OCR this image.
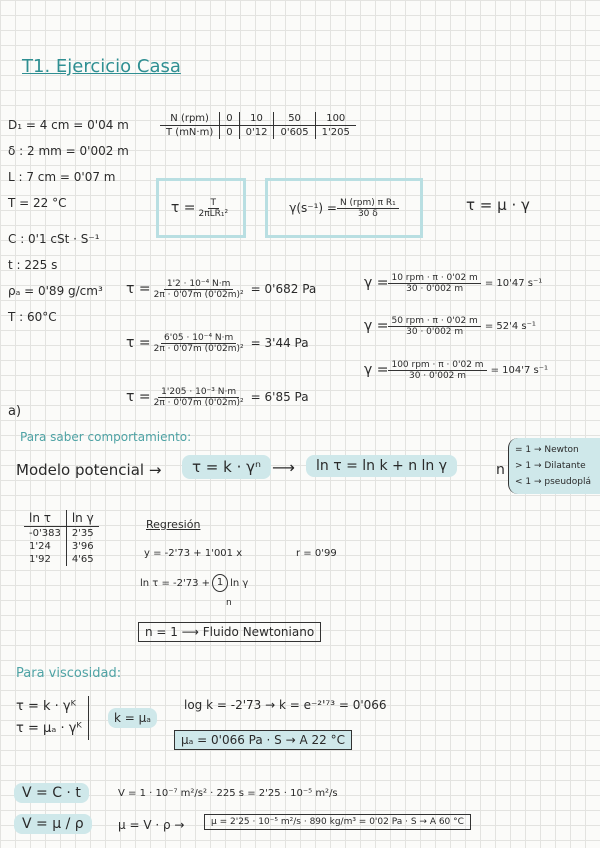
T1. Ejercicio Casa
D₁ = 4 cm = 0'04 m
δ : 2 mm = 0'002 m
L : 7 cm = 0'07 m
T = 22 °C
C : 0'1 cSt · S⁻¹
t : 225 s
ρₐ = 0'89 g/cm³
T : 60°C
N (rpm)	0	10	50	100
T (mN·m)	0	0'12	0'605	1'205
$\tau = \frac{T}{\text{2πLR₁²}}$	$\gamma(s^{-1}) = \frac{\text{N (rpm) π R₁}}{30 \delta}$	τ = μ · γ
$\tau = \frac{\text{1'2 · 10⁻⁴ N·m}}{\text{2π · 0'07m (0'02m)²}} = 0'682$ Pa
$\tau = \frac{\text{6'05 · 10⁻⁴ N·m}}{\text{2π · 0'07m (0'02m)²}} = 3'44$ Pa
$\tau = \frac{\text{1'205 · 10⁻³ N·m}}{\text{2π · 0'07m (0'02m)²}} = 6'85$ Pa
$\gamma = \frac{\text{10 rpm · π · 0'02 m}}{30 \cdot 0'002 m} = 10'47$ s⁻¹
$\gamma = \frac{\text{50 rpm · π · 0'02 m}}{30 \cdot 0'002 m} = 52'4$ s⁻¹
$\gamma = \frac{\text{100 rpm · π · 0'02 m}}{30 \cdot 0'002 m} = 104'7$ s⁻¹
a)
Para saber comportamiento:
Modelo potencial →	τ = k · γⁿ ⟶	ln τ = ln k + n ln γ	n
= 1 → Newton
> 1 → Dilatante
< 1 → pseudoplá
ln τ	ln γ
-0'383	2'35
1'24	3'96
1'92	4'65
Regresión
y = -2'73 + 1'001 x	r = 0'99
ln τ = -2'73 + 1 ln γ
n
n = 1 ⟶ Fluido Newtoniano
Para viscosidad:
τ = k · γᴷ
τ = μₐ · γᴷ
k = μₐ
log k = -2'73 → k = e⁻²'⁷³ = 0'066
μₐ = 0'066 Pa · S → A 22 °C
V = C · t	V = 1 · 10⁻⁷ m²/s² · 225 s = 2'25 · 10⁻⁵ m²/s
V = μ / ρ	μ = V · ρ →	μ = 2'25 · 10⁻⁵ m²/s · 890 kg/m³ = 0'02 Pa · S → A 60 °C
